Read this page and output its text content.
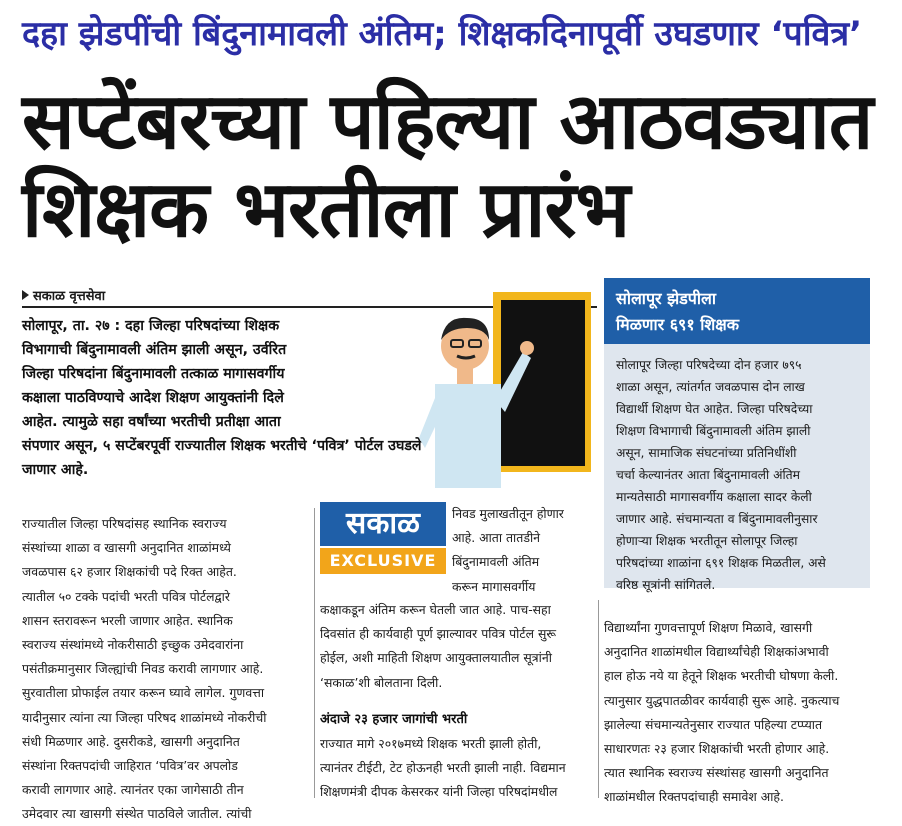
दहा झेडपींची बिंदुनामावली अंतिम; शिक्षकदिनापूर्वी उघडणार ‘पवित्र’
सप्टेंबरच्या पहिल्या आठवड्यात
शिक्षक भरतीला प्रारंभ
सकाळ वृत्तसेवा
सोलापूर, ता. २७ : दहा जिल्हा परिषदांच्या शिक्षक
विभागाची बिंदुनामावली अंतिम झाली असून, उर्वरित
जिल्हा परिषदांना बिंदुनामावली तत्काळ मागासवर्गीय
कक्षाला पाठविण्याचे आदेश शिक्षण आयुक्तांनी दिले
आहेत. त्यामुळे सहा वर्षांच्या भरतीची प्रतीक्षा आता
संपणार असून, ५ सप्टेंबरपूर्वी राज्यातील शिक्षक भरतीचे ‘पवित्र’ पोर्टल उघडले
जाणार आहे.
सोलापूर झेडपीला
मिळणार ६९१ शिक्षक
सोलापूर जिल्हा परिषदेच्या दोन हजार ७९५
शाळा असून, त्यांतर्गत जवळपास दोन लाख
विद्यार्थी शिक्षण घेत आहेत. जिल्हा परिषदेच्या
शिक्षण विभागाची बिंदुनामावली अंतिम झाली
असून, सामाजिक संघटनांच्या प्रतिनिधींशी
चर्चा केल्यानंतर आता बिंदुनामावली अंतिम
मान्यतेसाठी मागासवर्गीय कक्षाला सादर केली
जाणार आहे. संचमान्यता व बिंदुनामावलीनुसार
होणाऱ्या शिक्षक भरतीतून सोलापूर जिल्हा
परिषदांच्या शाळांना ६९१ शिक्षक मिळतील, असे
वरिष्ठ सूत्रांनी सांगितले.
राज्यातील जिल्हा परिषदांसह स्थानिक स्वराज्य
संस्थांच्या शाळा व खासगी अनुदानित शाळांमध्ये
जवळपास ६२ हजार शिक्षकांची पदे रिक्त आहेत.
त्यातील ५० टक्के पदांची भरती पवित्र पोर्टलद्वारे
शासन स्तरावरून भरली जाणार आहेत. स्थानिक
स्वराज्य संस्थांमध्ये नोकरीसाठी इच्छुक उमेदवारांना
पसंतीक्रमानुसार जिल्ह्यांची निवड करावी लागणार आहे.
सुरवातीला प्रोफाईल तयार करून घ्यावे लागेल. गुणवत्ता
यादीनुसार त्यांना त्या जिल्हा परिषद शाळांमध्ये नोकरीची
संधी मिळणार आहे. दुसरीकडे, खासगी अनुदानित
संस्थांना रिक्तपदांची जाहिरात ‘पवित्र’वर अपलोड
करावी लागणार आहे. त्यानंतर एका जागेसाठी तीन
उमेदवार त्या खासगी संस्थेत पाठविले जातील. त्यांची
सकाळ
EXCLUSIVE
निवड मुलाखतीतून होणार
आहे. आता तातडीने
बिंदुनामावली अंतिम
करून मागासवर्गीय
कक्षाकडून अंतिम करून घेतली जात आहे. पाच-सहा
दिवसांत ही कार्यवाही पूर्ण झाल्यावर पवित्र पोर्टल सुरू
होईल, अशी माहिती शिक्षण आयुक्तालयातील सूत्रांनी
‘सकाळ’शी बोलताना दिली.
अंदाजे २३ हजार जागांची भरती
राज्यात मागे २०१७मध्ये शिक्षक भरती झाली होती,
त्यानंतर टीईटी, टेट होऊनही भरती झाली नाही. विद्यमान
शिक्षणमंत्री दीपक केसरकर यांनी जिल्हा परिषदांमधील
विद्यार्थ्यांना गुणवत्तापूर्ण शिक्षण मिळावे, खासगी
अनुदानित शाळांमधील विद्यार्थ्यांचेही शिक्षकांअभावी
हाल होऊ नये या हेतूने शिक्षक भरतीची घोषणा केली.
त्यानुसार युद्धपातळीवर कार्यवाही सुरू आहे. नुकत्याच
झालेल्या संचमान्यतेनुसार राज्यात पहिल्या टप्प्यात
साधारणतः २३ हजार शिक्षकांची भरती होणार आहे.
त्यात स्थानिक स्वराज्य संस्थांसह खासगी अनुदानित
शाळांमधील रिक्तपदांचाही समावेश आहे.
